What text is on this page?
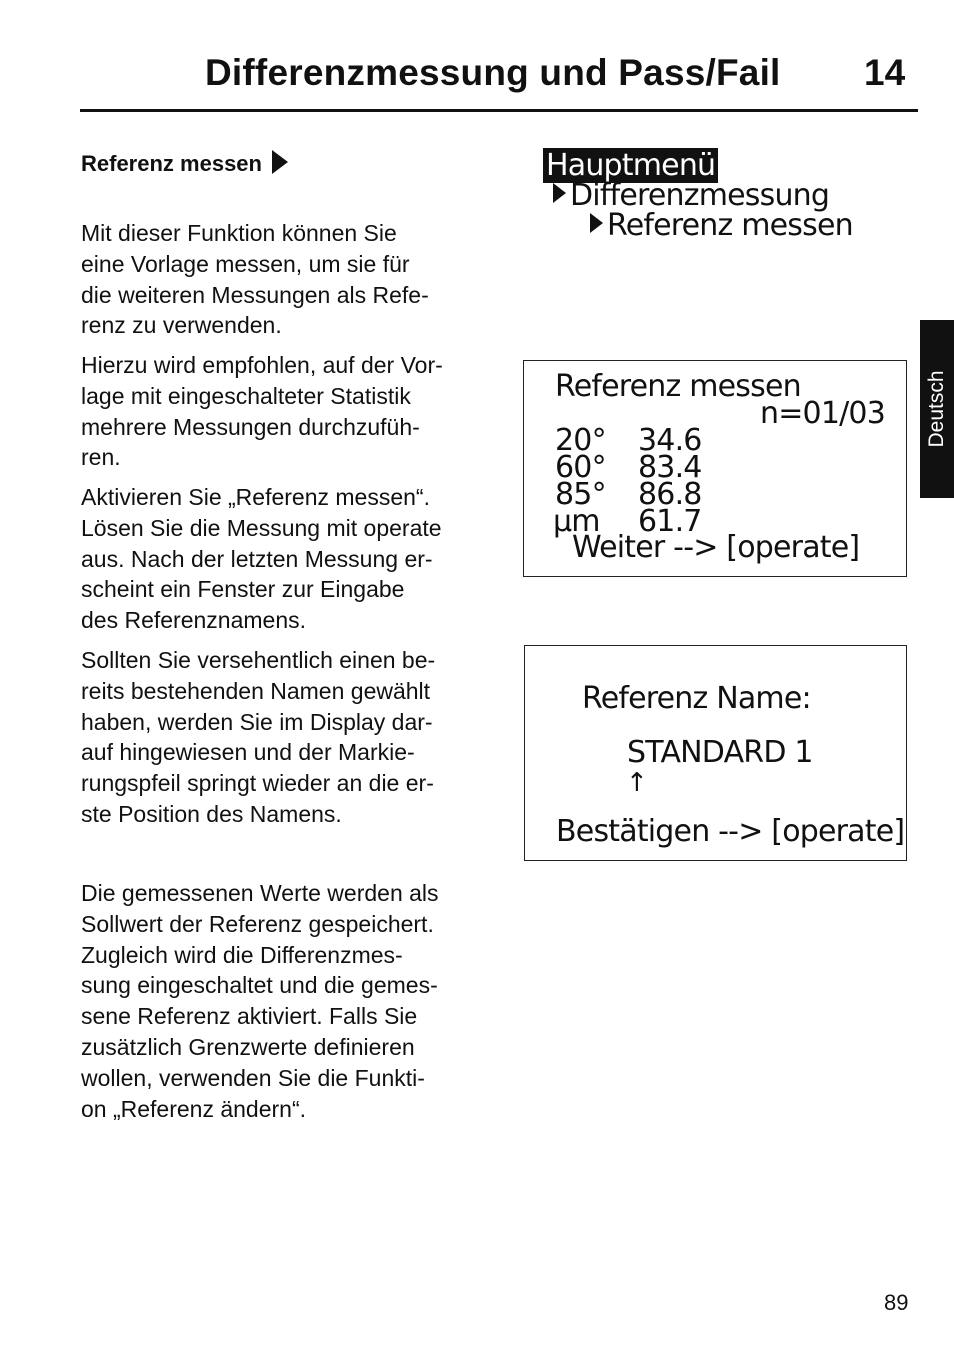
Differenzmessung und Pass/Fail 14
Referenz messen
Mit dieser Funktion können Sie
eine Vorlage messen, um sie für
die weiteren Messungen als Refe-
renz zu verwenden.
Hierzu wird empfohlen, auf der Vor-
lage mit eingeschalteter Statistik
mehrere Messungen durchzufüh-
ren.
Aktivieren Sie „Referenz messen“.
Lösen Sie die Messung mit operate
aus. Nach der letzten Messung er-
scheint ein Fenster zur Eingabe
des Referenznamens.
Sollten Sie versehentlich einen be-
reits bestehenden Namen gewählt
haben, werden Sie im Display dar-
auf hingewiesen und der Markie-
rungspfeil springt wieder an die er-
ste Position des Namens.
Die gemessenen Werte werden als
Sollwert der Referenz gespeichert.
Zugleich wird die Differenzmes-
sung eingeschaltet und die gemes-
sene Referenz aktiviert. Falls Sie
zusätzlich Grenzwerte definieren
wollen, verwenden Sie die Funkti-
on „Referenz ändern“.
Hauptmenü
Differenzmessung
Referenz messen
Referenz messen
n=01/03
20° 34.6
60° 83.4
85° 86.8
µm 61.7
Weiter --> [operate]
Referenz Name:
STANDARD 1
↑
Bestätigen --> [operate]
Deutsch
89
